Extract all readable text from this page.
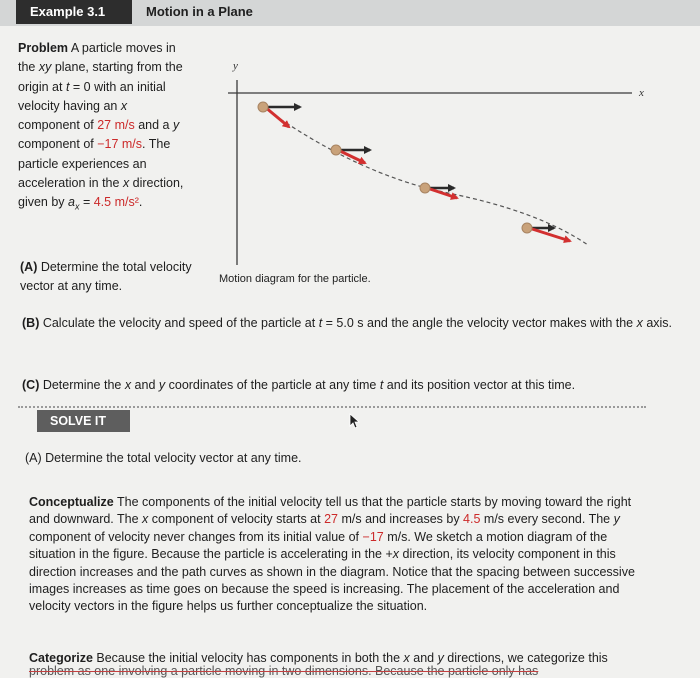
Example 3.1	Motion in a Plane
Problem A particle moves in the xy plane, starting from the origin at t = 0 with an initial velocity having an x component of 27 m/s and a y component of −17 m/s. The particle experiences an acceleration in the x direction, given by $a_x = 4.5$ m/s².
(A) Determine the total velocity vector at any time.
y
x
Motion diagram for the particle.
(B) Calculate the velocity and speed of the particle at t = 5.0 s and the angle the velocity vector makes with the x axis.
(C) Determine the x and y coordinates of the particle at any time t and its position vector at this time.
SOLVE IT
(A) Determine the total velocity vector at any time.
Conceptualize The components of the initial velocity tell us that the particle starts by moving toward the right and downward. The x component of velocity starts at 27 m/s and increases by 4.5 m/s every second. The y component of velocity never changes from its initial value of −17 m/s. We sketch a motion diagram of the situation in the figure. Because the particle is accelerating in the +x direction, its velocity component in this direction increases and the path curves as shown in the diagram. Notice that the spacing between successive images increases as time goes on because the speed is increasing. The placement of the acceleration and velocity vectors in the figure helps us further conceptualize the situation.
Categorize Because the initial velocity has components in both the x and y directions, we categorize this
problem as one involving a particle moving in two dimensions. Because the particle only has
